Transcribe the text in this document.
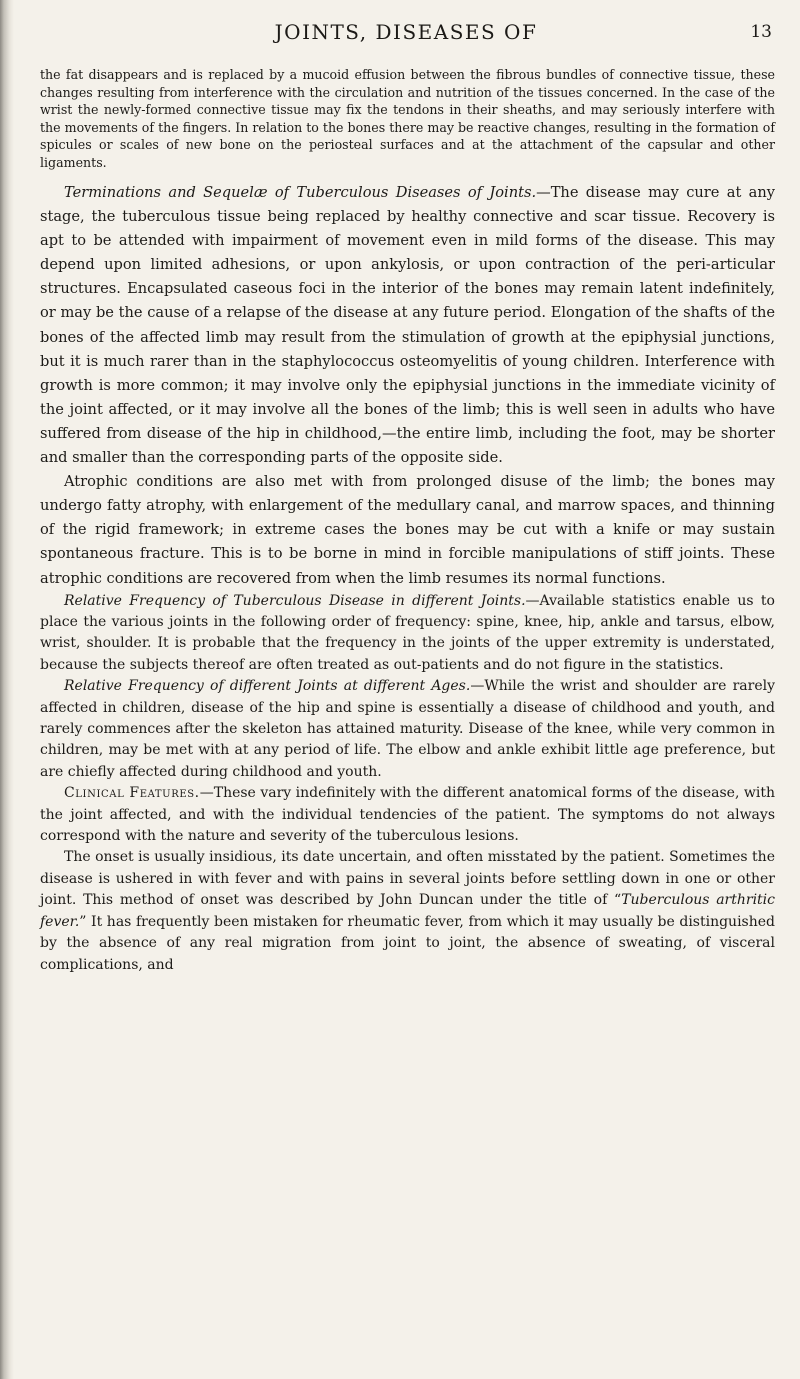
JOINTS, DISEASES OF	13

the fat disappears and is replaced by a mucoid effusion between the fibrous bundles of connective tissue, these changes resulting from interference with the circulation and nutrition of the tissues concerned. In the case of the wrist the newly-formed connective tissue may fix the tendons in their sheaths, and may seriously interfere with the movements of the fingers. In relation to the bones there may be reactive changes, resulting in the formation of spicules or scales of new bone on the periosteal surfaces and at the attachment of the capsular and other ligaments.

Terminations and Sequelæ of Tuberculous Diseases of Joints.—The disease may cure at any stage, the tuberculous tissue being replaced by healthy connective and scar tissue. Recovery is apt to be attended with impairment of movement even in mild forms of the disease. This may depend upon limited adhesions, or upon ankylosis, or upon contraction of the peri-articular structures. Encapsulated caseous foci in the interior of the bones may remain latent indefinitely, or may be the cause of a relapse of the disease at any future period. Elongation of the shafts of the bones of the affected limb may result from the stimulation of growth at the epiphysial junctions, but it is much rarer than in the staphylococcus osteomyelitis of young children. Interference with growth is more common; it may involve only the epiphysial junctions in the immediate vicinity of the joint affected, or it may involve all the bones of the limb; this is well seen in adults who have suffered from disease of the hip in childhood,—the entire limb, including the foot, may be shorter and smaller than the corresponding parts of the opposite side.

Atrophic conditions are also met with from prolonged disuse of the limb; the bones may undergo fatty atrophy, with enlargement of the medullary canal, and marrow spaces, and thinning of the rigid framework; in extreme cases the bones may be cut with a knife or may sustain spontaneous fracture. This is to be borne in mind in forcible manipulations of stiff joints. These atrophic conditions are recovered from when the limb resumes its normal functions.

Relative Frequency of Tuberculous Disease in different Joints.—Available statistics enable us to place the various joints in the following order of frequency: spine, knee, hip, ankle and tarsus, elbow, wrist, shoulder. It is probable that the frequency in the joints of the upper extremity is understated, because the subjects thereof are often treated as out-patients and do not figure in the statistics.

Relative Frequency of different Joints at different Ages.—While the wrist and shoulder are rarely affected in children, disease of the hip and spine is essentially a disease of childhood and youth, and rarely commences after the skeleton has attained maturity. Disease of the knee, while very common in children, may be met with at any period of life. The elbow and ankle exhibit little age preference, but are chiefly affected during childhood and youth.

Clinical Features.—These vary indefinitely with the different anatomical forms of the disease, with the joint affected, and with the individual tendencies of the patient. The symptoms do not always correspond with the nature and severity of the tuberculous lesions.

The onset is usually insidious, its date uncertain, and often misstated by the patient. Sometimes the disease is ushered in with fever and with pains in several joints before settling down in one or other joint. This method of onset was described by John Duncan under the title of “Tuberculous arthritic fever.” It has frequently been mistaken for rheumatic fever, from which it may usually be distinguished by the absence of any real migration from joint to joint, the absence of sweating, of visceral complications, and
